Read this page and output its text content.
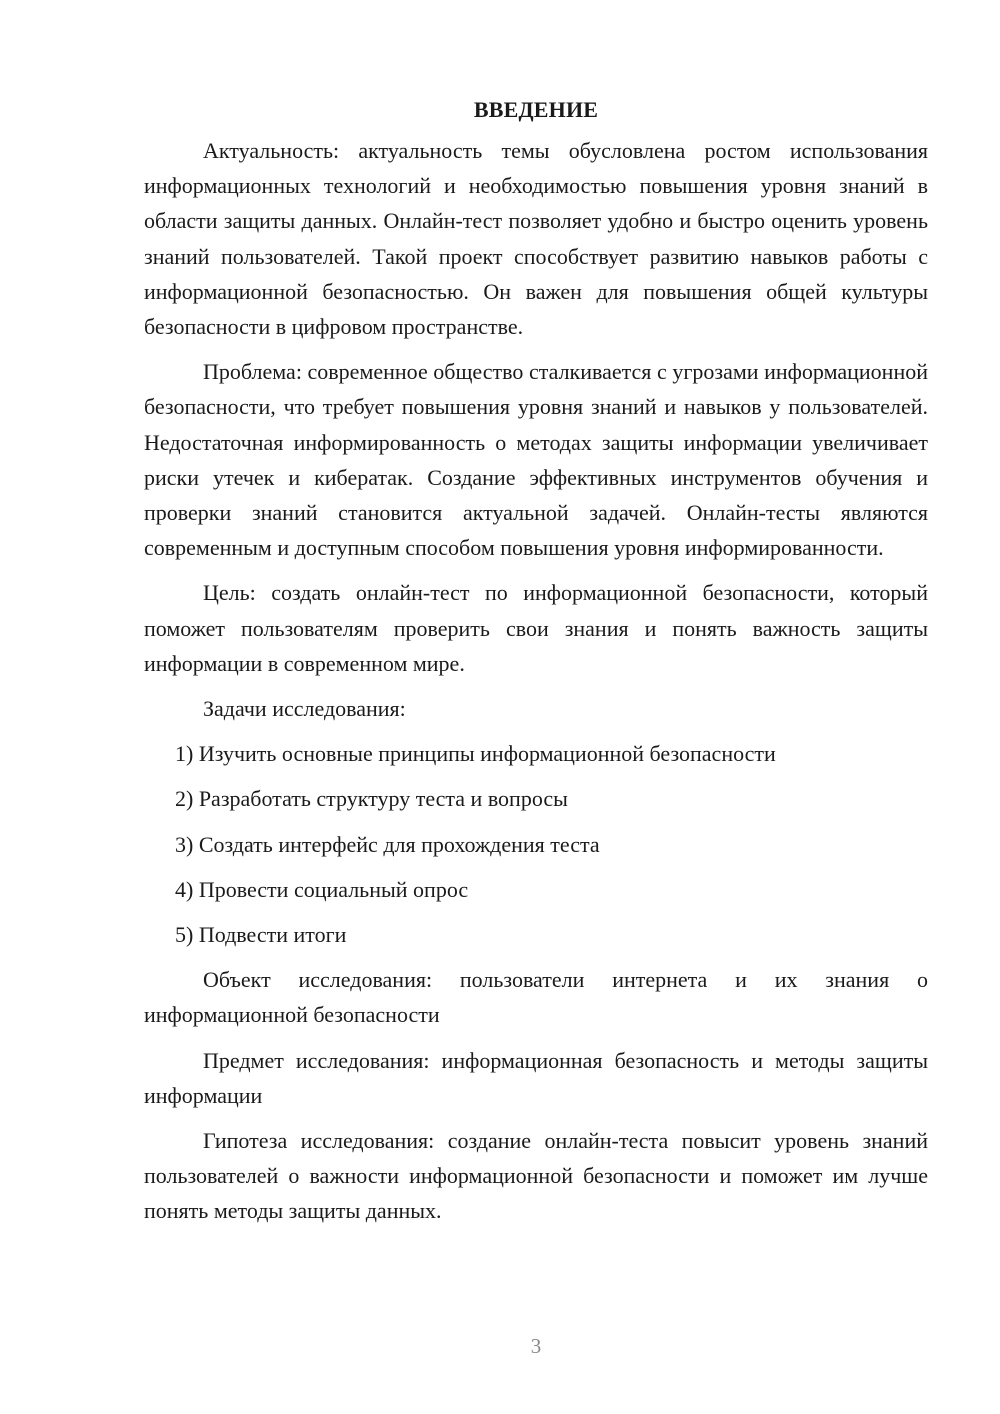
ВВЕДЕНИЕ

Актуальность: актуальность темы обусловлена ростом использования информационных технологий и необходимостью повышения уровня знаний в области защиты данных. Онлайн-тест позволяет удобно и быстро оценить уровень знаний пользователей. Такой проект способствует развитию навыков работы с информационной безопасностью. Он важен для повышения общей культуры безопасности в цифровом пространстве.

Проблема: современное общество сталкивается с угрозами информационной безопасности, что требует повышения уровня знаний и навыков у пользователей. Недостаточная информированность о методах защиты информации увеличивает риски утечек и кибератак. Создание эффективных инструментов обучения и проверки знаний становится актуальной задачей. Онлайн-тесты являются современным и доступным способом повышения уровня информированности.

Цель: создать онлайн-тест по информационной безопасности, который поможет пользователям проверить свои знания и понять важность защиты информации в современном мире.

Задачи исследования:

1) Изучить основные принципы информационной безопасности
2) Разработать структуру теста и вопросы
3) Создать интерфейс для прохождения теста
4) Провести социальный опрос
5) Подвести итоги

Объект исследования: пользователи интернета и их знания о информационной безопасности

Предмет исследования: информационная безопасность и методы защиты информации

Гипотеза исследования: создание онлайн-теста повысит уровень знаний пользователей о важности информационной безопасности и поможет им лучше понять методы защиты данных.

3
